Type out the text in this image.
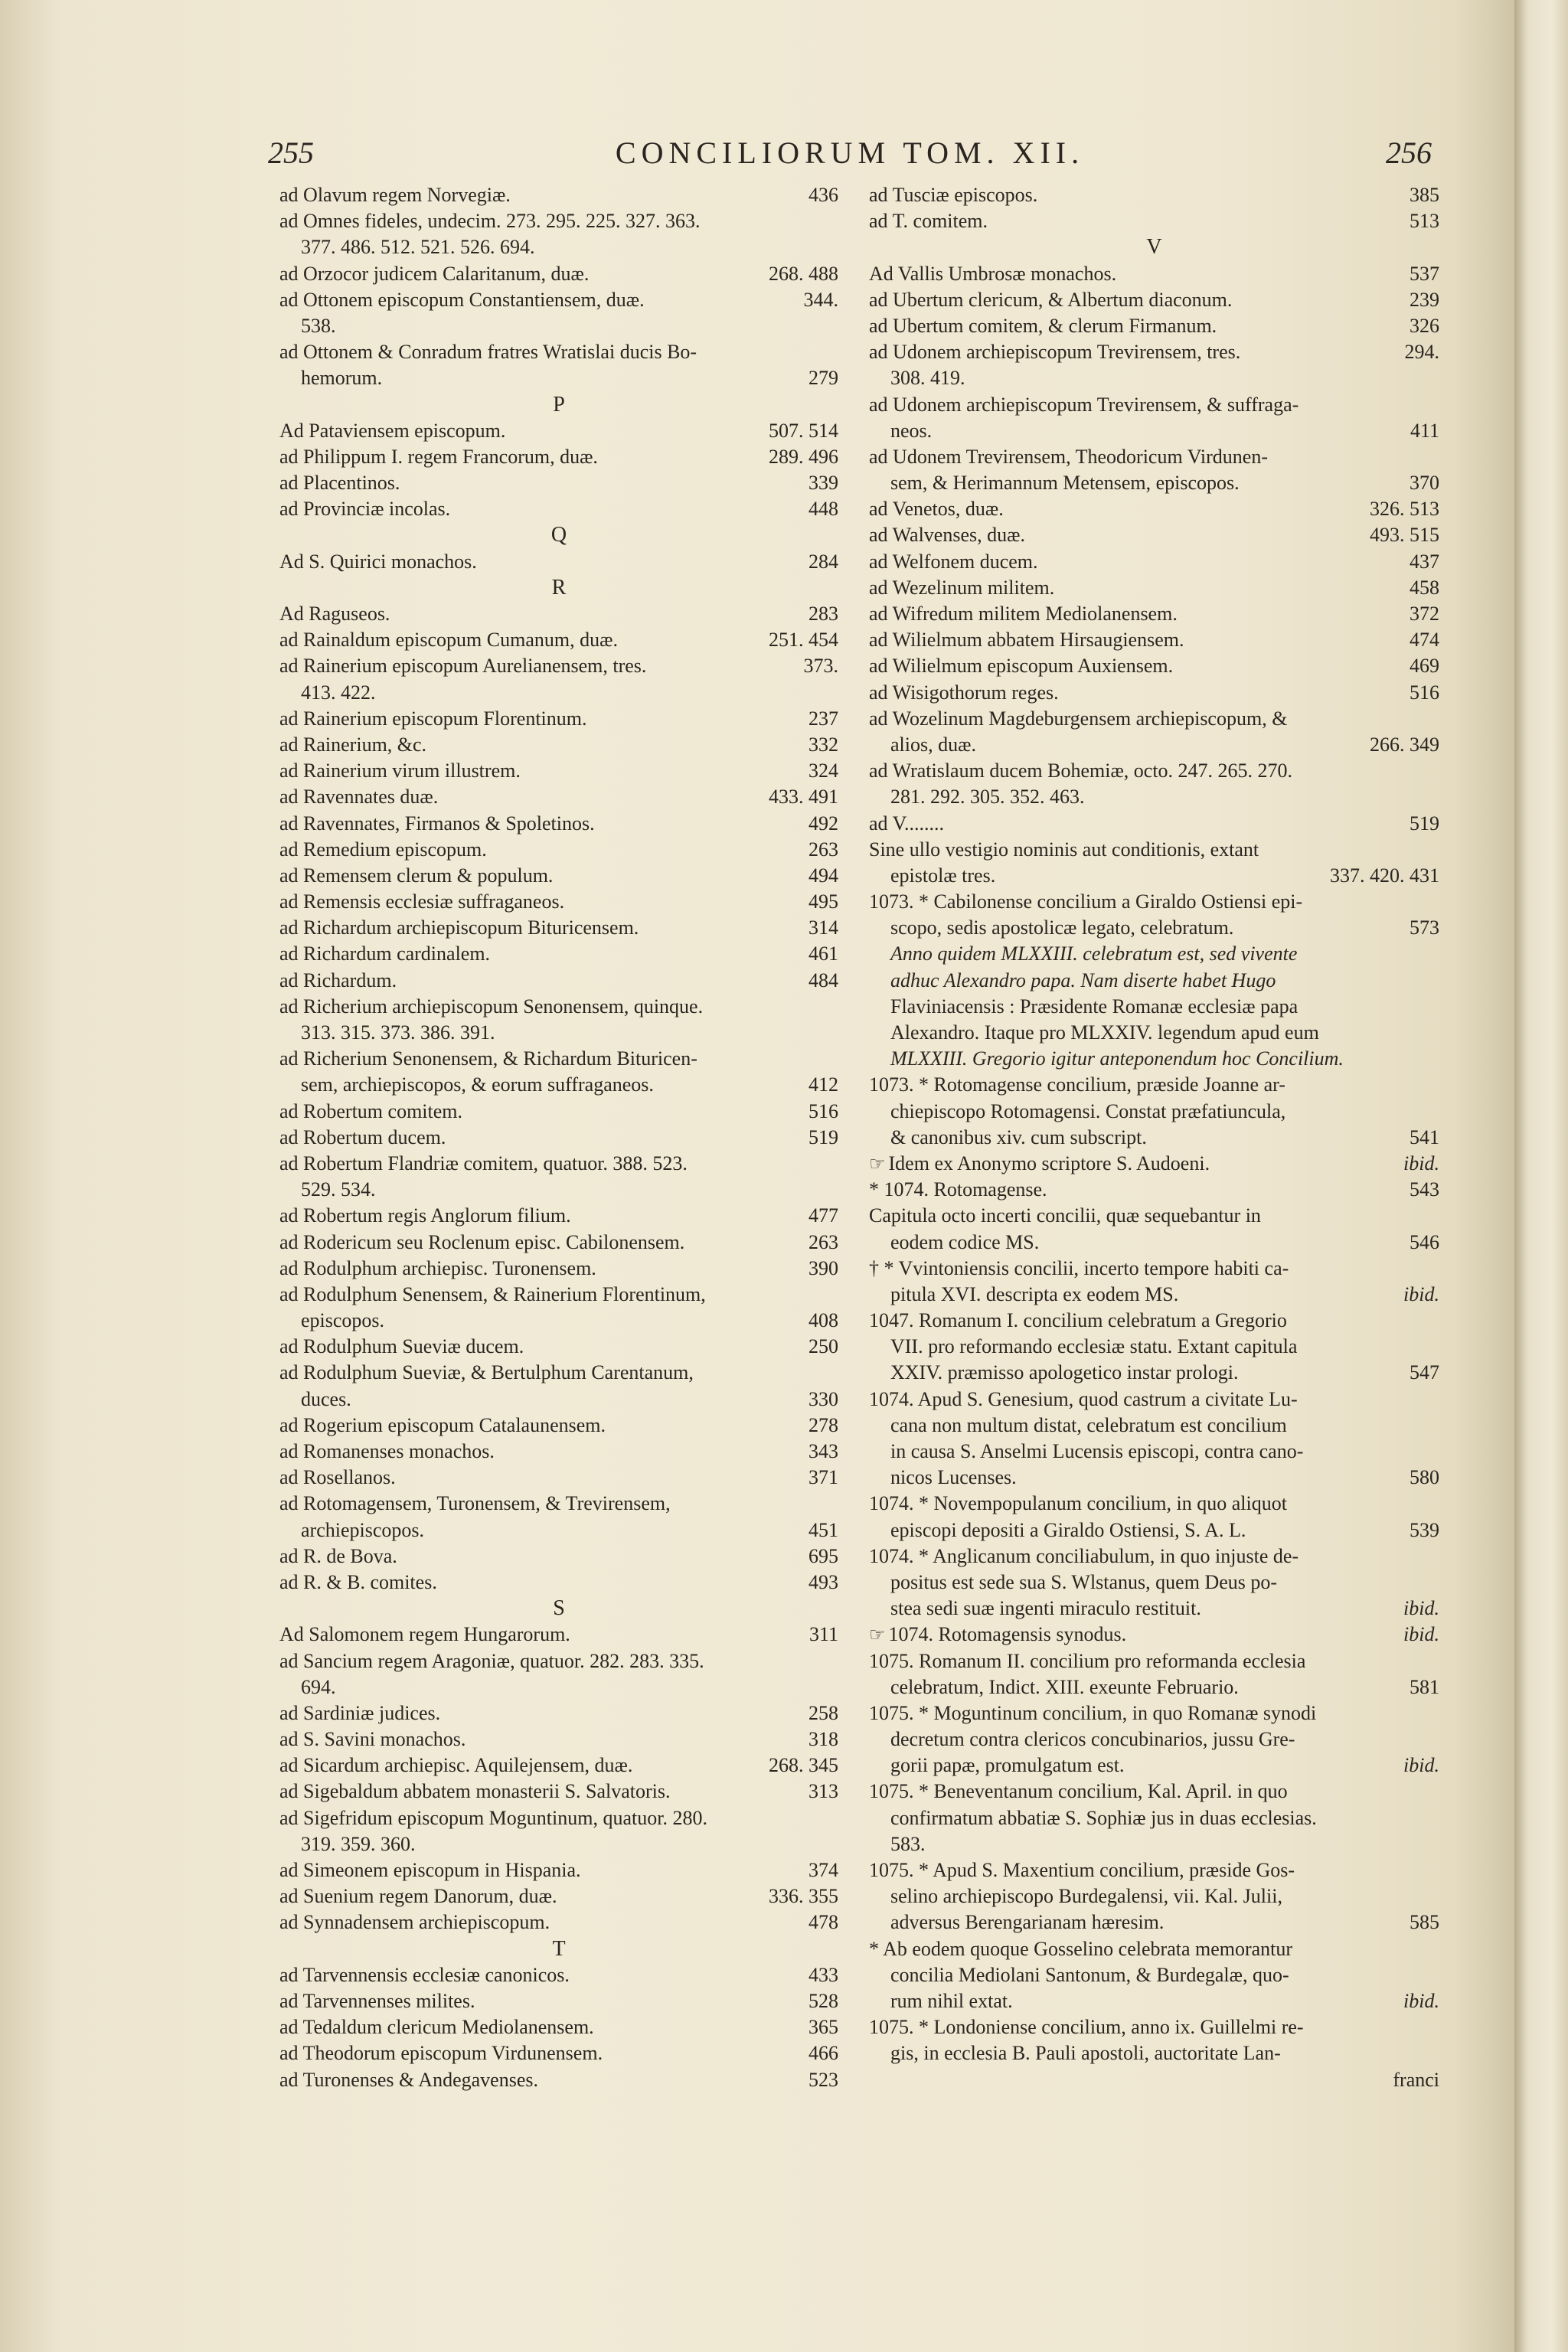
255	CONCILIORUM TOM. XII.	256
ad Olavum regem Norvegiæ.	436
ad Omnes fideles, undecim. 273. 295. 225. 327. 363.
377. 486. 512. 521. 526. 694.
ad Orzocor judicem Calaritanum, duæ.	268. 488
ad Ottonem episcopum Constantiensem, duæ.	344.
538.
ad Ottonem & Conradum fratres Wratislai ducis Bo-
hemorum.	279
P
Ad Pataviensem episcopum.	507. 514
ad Philippum I. regem Francorum, duæ.	289. 496
ad Placentinos.	339
ad Provinciæ incolas.	448
Q
Ad S. Quirici monachos.	284
R
Ad Raguseos.	283
ad Rainaldum episcopum Cumanum, duæ.	251. 454
ad Rainerium episcopum Aurelianensem, tres.	373.
413. 422.
ad Rainerium episcopum Florentinum.	237
ad Rainerium, &c.	332
ad Rainerium virum illustrem.	324
ad Ravennates duæ.	433. 491
ad Ravennates, Firmanos & Spoletinos.	492
ad Remedium episcopum.	263
ad Remensem clerum & populum.	494
ad Remensis ecclesiæ suffraganeos.	495
ad Richardum archiepiscopum Bituricensem.	314
ad Richardum cardinalem.	461
ad Richardum.	484
ad Richerium archiepiscopum Senonensem, quinque.
313. 315. 373. 386. 391.
ad Richerium Senonensem, & Richardum Bituricen-
sem, archiepiscopos, & eorum suffraganeos.	412
ad Robertum comitem.	516
ad Robertum ducem.	519
ad Robertum Flandriæ comitem, quatuor. 388. 523.
529. 534.
ad Robertum regis Anglorum filium.	477
ad Rodericum seu Roclenum episc. Cabilonensem.	263
ad Rodulphum archiepisc. Turonensem.	390
ad Rodulphum Senensem, & Rainerium Florentinum,
episcopos.	408
ad Rodulphum Sueviæ ducem.	250
ad Rodulphum Sueviæ, & Bertulphum Carentanum,
duces.	330
ad Rogerium episcopum Catalaunensem.	278
ad Romanenses monachos.	343
ad Rosellanos.	371
ad Rotomagensem, Turonensem, & Trevirensem,
archiepiscopos.	451
ad R. de Bova.	695
ad R. & B. comites.	493
S
Ad Salomonem regem Hungarorum.	311
ad Sancium regem Aragoniæ, quatuor. 282. 283. 335.
694.
ad Sardiniæ judices.	258
ad S. Savini monachos.	318
ad Sicardum archiepisc. Aquilejensem, duæ.	268. 345
ad Sigebaldum abbatem monasterii S. Salvatoris.	313
ad Sigefridum episcopum Moguntinum, quatuor. 280.
319. 359. 360.
ad Simeonem episcopum in Hispania.	374
ad Suenium regem Danorum, duæ.	336. 355
ad Synnadensem archiepiscopum.	478
T
ad Tarvennensis ecclesiæ canonicos.	433
ad Tarvennenses milites.	528
ad Tedaldum clericum Mediolanensem.	365
ad Theodorum episcopum Virdunensem.	466
ad Turonenses & Andegavenses.	523
ad Tusciæ episcopos.	385
ad T. comitem.	513
V
Ad Vallis Umbrosæ monachos.	537
ad Ubertum clericum, & Albertum diaconum.	239
ad Ubertum comitem, & clerum Firmanum.	326
ad Udonem archiepiscopum Trevirensem, tres.	294.
308. 419.
ad Udonem archiepiscopum Trevirensem, & suffraga-
neos.	411
ad Udonem Trevirensem, Theodoricum Virdunen-
sem, & Herimannum Metensem, episcopos.	370
ad Venetos, duæ.	326. 513
ad Walvenses, duæ.	493. 515
ad Welfonem ducem.	437
ad Wezelinum militem.	458
ad Wifredum militem Mediolanensem.	372
ad Wilielmum abbatem Hirsaugiensem.	474
ad Wilielmum episcopum Auxiensem.	469
ad Wisigothorum reges.	516
ad Wozelinum Magdeburgensem archiepiscopum, &
alios, duæ.	266. 349
ad Wratislaum ducem Bohemiæ, octo. 247. 265. 270.
281. 292. 305. 352. 463.
ad V........	519
Sine ullo vestigio nominis aut conditionis, extant
epistolæ tres.	337. 420. 431
1073. * Cabilonense concilium a Giraldo Ostiensi epi-
scopo, sedis apostolicæ legato, celebratum.	573
Anno quidem MLXXIII. celebratum est, sed vivente
adhuc Alexandro papa. Nam diserte habet Hugo
Flaviniacensis : Præsidente Romanæ ecclesiæ papa
Alexandro. Itaque pro MLXXIV. legendum apud eum
MLXXIII. Gregorio igitur anteponendum hoc Concilium.
1073. * Rotomagense concilium, præside Joanne ar-
chiepiscopo Rotomagensi. Constat præfatiuncula,
& canonibus xiv. cum subscript.	541
☞ Idem ex Anonymo scriptore S. Audoeni.	ibid.
* 1074. Rotomagense.	543
Capitula octo incerti concilii, quæ sequebantur in
eodem codice MS.	546
† * Vvintoniensis concilii, incerto tempore habiti ca-
pitula XVI. descripta ex eodem MS.	ibid.
1047. Romanum I. concilium celebratum a Gregorio
VII. pro reformando ecclesiæ statu. Extant capitula
XXIV. præmisso apologetico instar prologi.	547
1074. Apud S. Genesium, quod castrum a civitate Lu-
cana non multum distat, celebratum est concilium
in causa S. Anselmi Lucensis episcopi, contra cano-
nicos Lucenses.	580
1074. * Novempopulanum concilium, in quo aliquot
episcopi depositi a Giraldo Ostiensi, S. A. L.	539
1074. * Anglicanum conciliabulum, in quo injuste de-
positus est sede sua S. Wlstanus, quem Deus po-
stea sedi suæ ingenti miraculo restituit.	ibid.
☞ 1074. Rotomagensis synodus.	ibid.
1075. Romanum II. concilium pro reformanda ecclesia
celebratum, Indict. XIII. exeunte Februario.	581
1075. * Moguntinum concilium, in quo Romanæ synodi
decretum contra clericos concubinarios, jussu Gre-
gorii papæ, promulgatum est.	ibid.
1075. * Beneventanum concilium, Kal. April. in quo
confirmatum abbatiæ S. Sophiæ jus in duas ecclesias.
583.
1075. * Apud S. Maxentium concilium, præside Gos-
selino archiepiscopo Burdegalensi, vii. Kal. Julii,
adversus Berengarianam hæresim.	585
* Ab eodem quoque Gosselino celebrata memorantur
concilia Mediolani Santonum, & Burdegalæ, quo-
rum nihil extat.	ibid.
1075. * Londoniense concilium, anno ix. Guillelmi re-
gis, in ecclesia B. Pauli apostoli, auctoritate Lan-
franci
